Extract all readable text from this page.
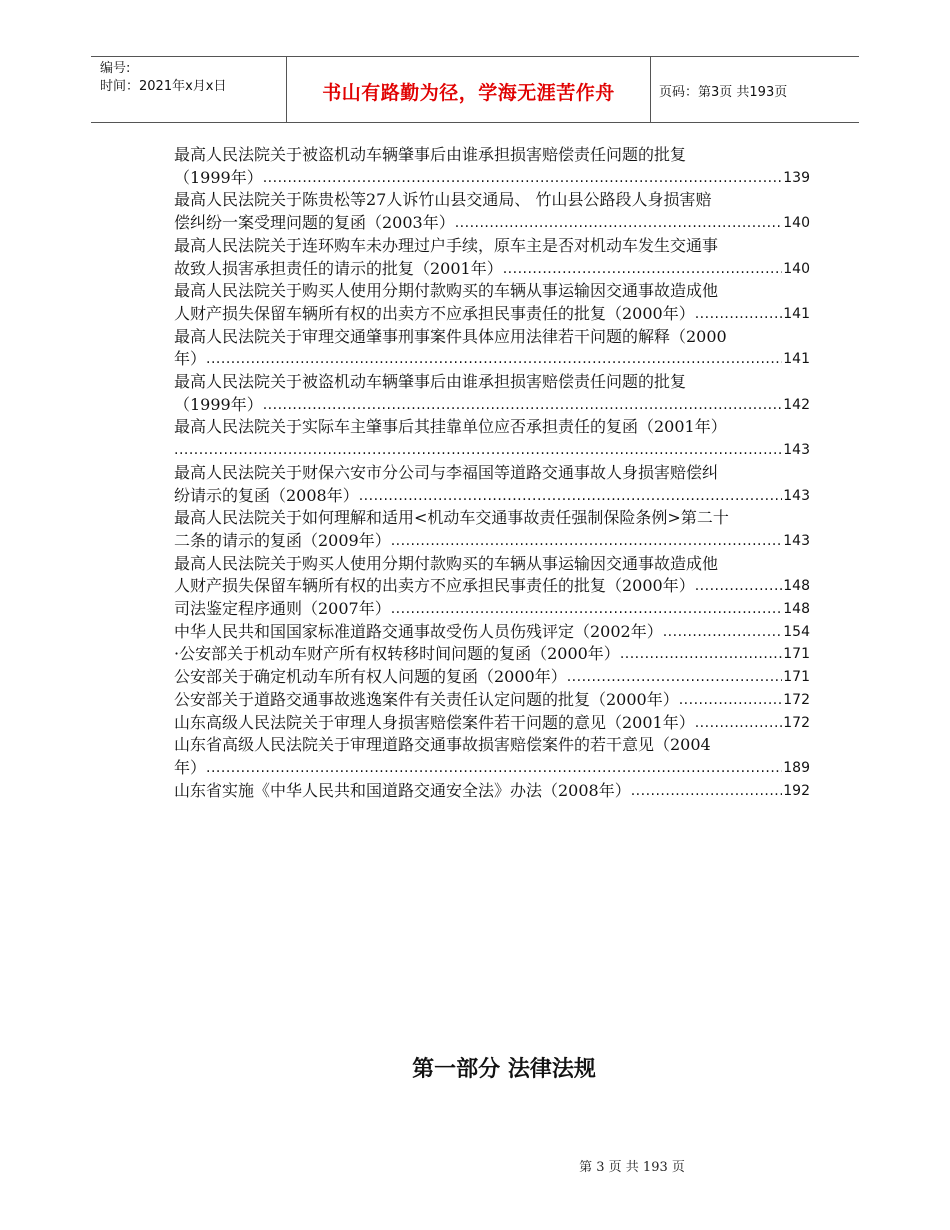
编号:
时间：2021年x月x日	书山有路勤为径，学海无涯苦作舟	页码：第3页 共193页
最高人民法院关于被盗机动车辆肇事后由谁承担损害赔偿责任问题的批复
（1999年） .....	139
最高人民法院关于陈贵松等27人诉竹山县交通局、 竹山县公路段人身损害赔
偿纠纷一案受理问题的复函（2003年） .....	140
最高人民法院关于连环购车未办理过户手续，原车主是否对机动车发生交通事
故致人损害承担责任的请示的批复（2001年） .....	140
最高人民法院关于购买人使用分期付款购买的车辆从事运输因交通事故造成他
人财产损失保留车辆所有权的出卖方不应承担民事责任的批复（2000年） .....	141
最高人民法院关于审理交通肇事刑事案件具体应用法律若干问题的解释（2000
年） .....	141
最高人民法院关于被盗机动车辆肇事后由谁承担损害赔偿责任问题的批复
（1999年） .....	142
最高人民法院关于实际车主肇事后其挂靠单位应否承担责任的复函（2001年）
.....
143
最高人民法院关于财保六安市分公司与李福国等道路交通事故人身损害赔偿纠
纷请示的复函（2008年） .....	143
最高人民法院关于如何理解和适用<机动车交通事故责任强制保险条例>第二十
二条的请示的复函（2009年） .....	143
最高人民法院关于购买人使用分期付款购买的车辆从事运输因交通事故造成他
人财产损失保留车辆所有权的出卖方不应承担民事责任的批复（2000年） .....	148
司法鉴定程序通则（2007年） .....	148
中华人民共和国国家标准道路交通事故受伤人员伤残评定（2002年） .....	154
·公安部关于机动车财产所有权转移时间问题的复函（2000年） .....	171
公安部关于确定机动车所有权人问题的复函（2000年） .....	171
公安部关于道路交通事故逃逸案件有关责任认定问题的批复（2000年） .....	172
山东高级人民法院关于审理人身损害赔偿案件若干问题的意见（2001年） .....	172
山东省高级人民法院关于审理道路交通事故损害赔偿案件的若干意见（2004
年） .....	189
山东省实施《中华人民共和国道路交通安全法》办法（2008年） .....	192
第一部分 法律法规
第 3 页 共 193 页
